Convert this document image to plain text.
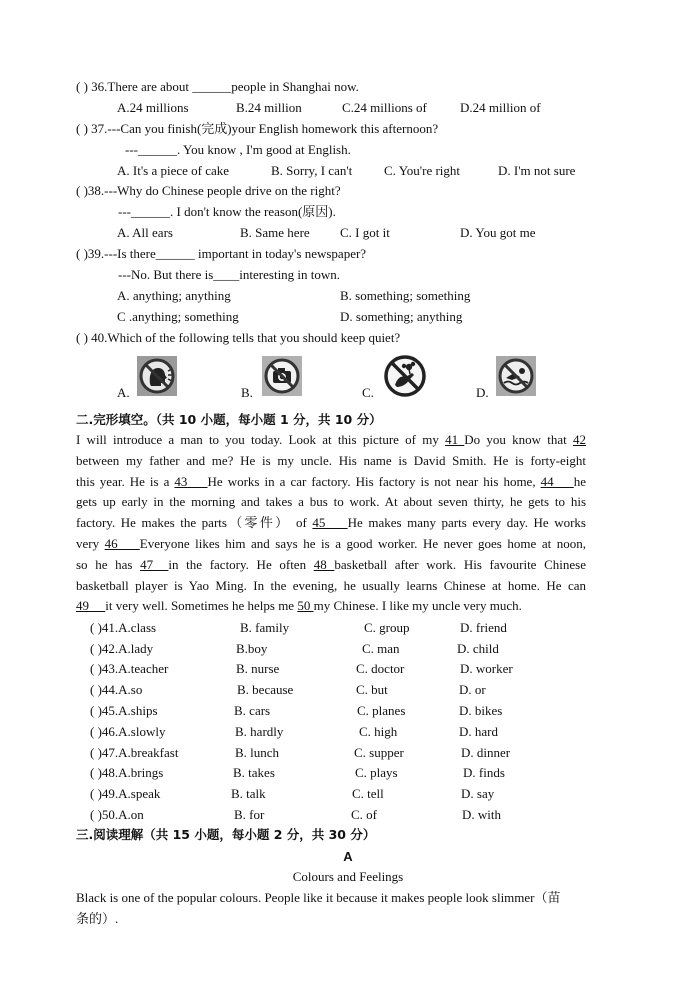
( ) 36.There are about ______people in Shanghai now.
A.24 millions	B.24 million	C.24 millions of	D.24 million of
( ) 37.---Can you finish(完成)your English homework this afternoon?
---______. You know , I'm good at English.
A. It's a piece of cake	B. Sorry, I can't C. You're right	D. I'm not sure
( )38.---Why do Chinese people drive on the right?
---______. I don't know the reason(原因).
A. All ears	B. Same here C. I got it	D. You got me
( )39.---Is there______ important in today's newspaper?
---No. But there is____interesting in town.
A. anything; anything	B. something; something
C .anything; something	D. something; anything
( ) 40.Which of the following tells that you should keep quiet?
A.	B.	C.	D.
二.完形填空。（共 10 小题，每小题 1 分，共 10 分）
I will introduce a man to you today. Look at this picture of my 41 Do you know that 42
between my father and me? He is my uncle. His name is David Smith. He is forty-eight
this year. He is a 43    He works in a car factory. His factory is not near his home, 44    he
gets up early in the morning and takes a bus to work. At about seven thirty, he gets to his
factory. He makes the parts（零件） of 45    He makes many parts every day. He works
very 46    Everyone likes him and says he is a good worker. He never goes home at noon,
so he has 47  in the factory. He often 48 basketball after work. His favourite Chinese
basketball player is Yao Ming. In the evening, he usually learns Chinese at home. He can
49     it very well. Sometimes he helps me 50 my Chinese. I like my uncle very much.
( )41.A.class	B. family	C. group	D. friend
( )42.A.lady	B.boy	C. man	D. child
( )43.A.teacher	B. nurse	C. doctor	D. worker
( )44.A.so	B. because	C. but	D. or
( )45.A.ships	B. cars	C. planes	D. bikes
( )46.A.slowly	B. hardly	C. high	D. hard
( )47.A.breakfast	B. lunch	C. supper	D. dinner
( )48.A.brings	B. takes	C. plays	D. finds
( )49.A.speak	B. talk	C. tell	D. say
( )50.A.on	B. for	C. of	D. with
三.阅读理解（共 15 小题，每小题 2 分，共 30 分）
A
Colours and Feelings
Black is one of the popular colours. People like it because it makes people look slimmer（苗
条的）.
